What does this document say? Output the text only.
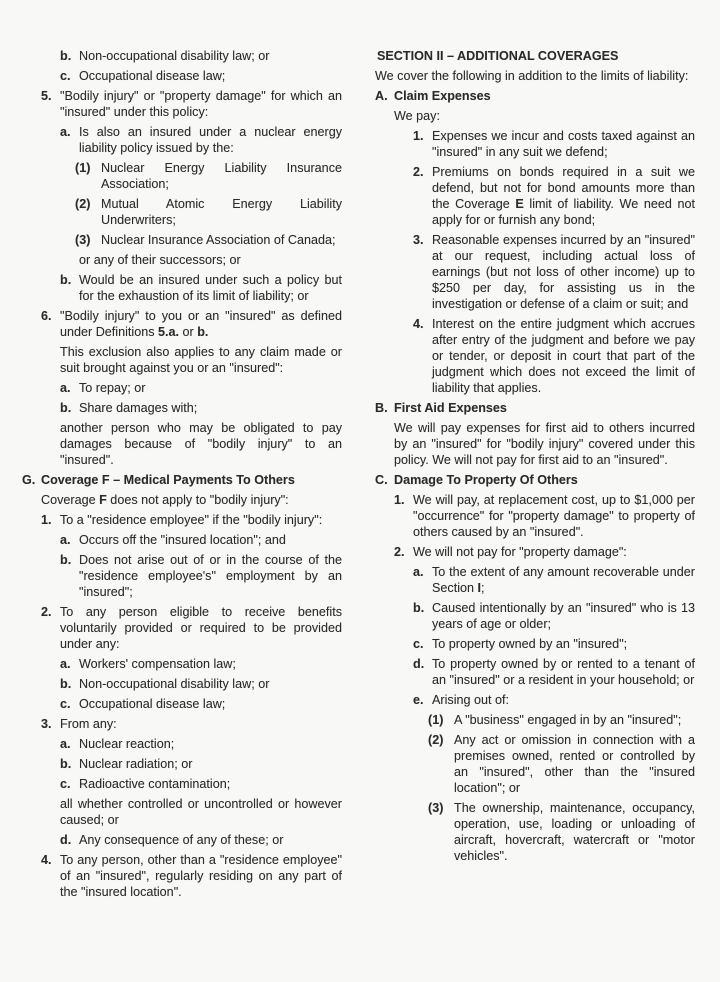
b. Non-occupational disability law; or
c. Occupational disease law;
5. "Bodily injury" or "property damage" for which an "insured" under this policy:
a. Is also an insured under a nuclear energy liability policy issued by the:
(1) Nuclear Energy Liability Insurance Association;
(2) Mutual Atomic Energy Liability Underwriters;
(3) Nuclear Insurance Association of Canada;
or any of their successors; or
b. Would be an insured under such a policy but for the exhaustion of its limit of liability; or
6. "Bodily injury" to you or an "insured" as defined under Definitions 5.a. or b.
This exclusion also applies to any claim made or suit brought against you or an "insured":
a. To repay; or
b. Share damages with;
another person who may be obligated to pay damages because of "bodily injury" to an "insured".
G. Coverage F – Medical Payments To Others
Coverage F does not apply to "bodily injury":
1. To a "residence employee" if the "bodily injury":
a. Occurs off the "insured location"; and
b. Does not arise out of or in the course of the "residence employee's" employment by an "insured";
2. To any person eligible to receive benefits voluntarily provided or required to be provided under any:
a. Workers' compensation law;
b. Non-occupational disability law; or
c. Occupational disease law;
3. From any:
a. Nuclear reaction;
b. Nuclear radiation; or
c. Radioactive contamination;
all whether controlled or uncontrolled or however caused; or
d. Any consequence of any of these; or
4. To any person, other than a "residence employee" of an "insured", regularly residing on any part of the "insured location".
SECTION II – ADDITIONAL COVERAGES
We cover the following in addition to the limits of liability:
A. Claim Expenses
We pay:
1. Expenses we incur and costs taxed against an "insured" in any suit we defend;
2. Premiums on bonds required in a suit we defend, but not for bond amounts more than the Coverage E limit of liability. We need not apply for or furnish any bond;
3. Reasonable expenses incurred by an "insured" at our request, including actual loss of earnings (but not loss of other income) up to $250 per day, for assisting us in the investigation or defense of a claim or suit; and
4. Interest on the entire judgment which accrues after entry of the judgment and before we pay or tender, or deposit in court that part of the judgment which does not exceed the limit of liability that applies.
B. First Aid Expenses
We will pay expenses for first aid to others incurred by an "insured" for "bodily injury" covered under this policy. We will not pay for first aid to an "insured".
C. Damage To Property Of Others
1. We will pay, at replacement cost, up to $1,000 per "occurrence" for "property damage" to property of others caused by an "insured".
2. We will not pay for "property damage":
a. To the extent of any amount recoverable under Section I;
b. Caused intentionally by an "insured" who is 13 years of age or older;
c. To property owned by an "insured";
d. To property owned by or rented to a tenant of an "insured" or a resident in your household; or
e. Arising out of:
(1) A "business" engaged in by an "insured";
(2) Any act or omission in connection with a premises owned, rented or controlled by an "insured", other than the "insured location"; or
(3) The ownership, maintenance, occupancy, operation, use, loading or unloading of aircraft, hovercraft, watercraft or "motor vehicles".
